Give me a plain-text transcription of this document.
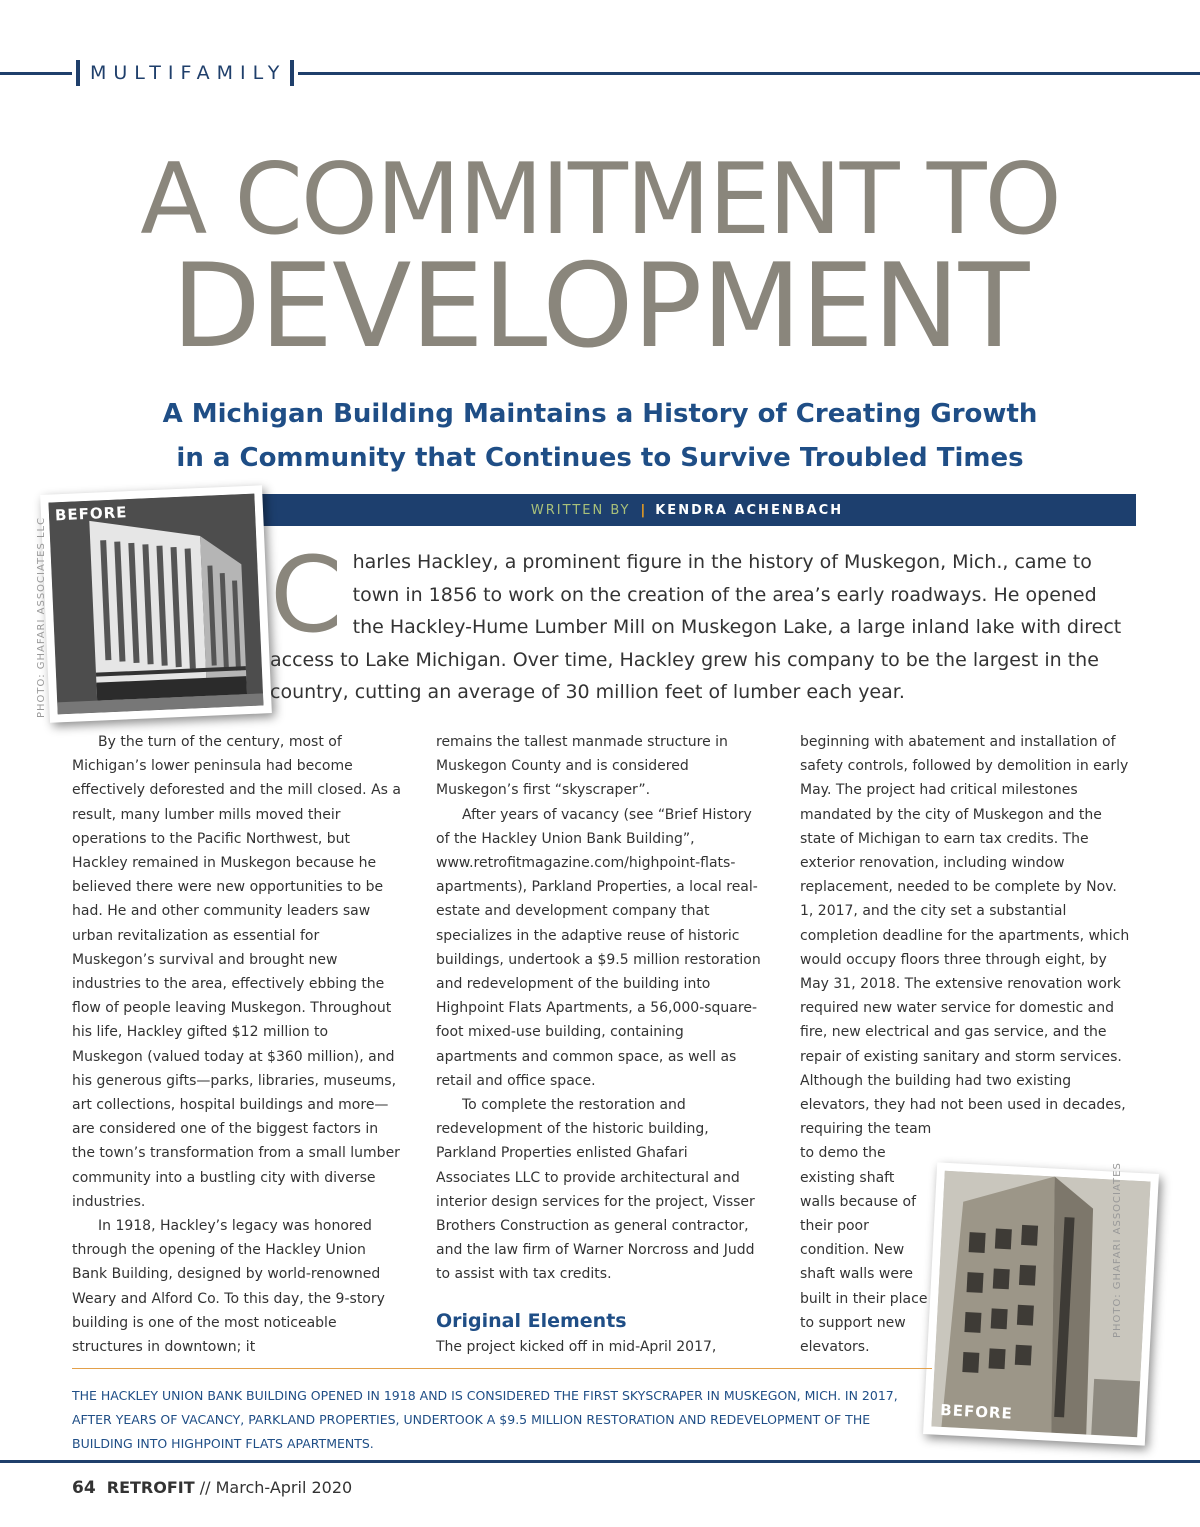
MULTIFAMILY
A COMMITMENT TO
DEVELOPMENT
A Michigan Building Maintains a History of Creating Growth
in a Community that Continues to Survive Troubled Times
WRITTEN BY | KENDRA ACHENBACH
BEFORE
PHOTO: GHAFARI ASSOCIATES LLC C harles Hackley, a prominent figure in the history of Muskegon, Mich., came to town in 1856 to work on the creation of the area’s early roadways. He opened the Hackley-Hume Lumber Mill on Muskegon Lake, a large inland lake with direct access to Lake Michigan. Over time, Hackley grew his company to be the largest in the country, cutting an average of 30 million feet of lumber each year.

By the turn of the century, most of Michigan’s lower peninsula had become effectively deforested and the mill closed. As a result, many lumber mills moved their operations to the Pacific Northwest, but Hackley remained in Muskegon because he believed there were new opportunities to be had. He and other community leaders saw urban revitalization as essential for Muskegon’s survival and brought new industries to the area, effectively ebbing the flow of people leaving Muskegon. Throughout his life, Hackley gifted $12 million to Muskegon (valued today at $360 million), and his generous gifts—parks, libraries, museums, art collections, hospital buildings and more—are considered one of the biggest factors in the town’s transformation from a small lumber community into a bustling city with diverse industries.

In 1918, Hackley’s legacy was honored through the opening of the Hackley Union Bank Building, designed by world-renowned Weary and Alford Co. To this day, the 9-story building is one of the most noticeable structures in downtown; it

remains the tallest manmade structure in Muskegon County and is considered Muskegon’s first “skyscraper”.

After years of vacancy (see “Brief History of the Hackley Union Bank Building”, www.retrofitmagazine.com/highpoint-flats-apartments), Parkland Properties, a local real-estate and development company that specializes in the adaptive reuse of historic buildings, undertook a $9.5 million restoration and redevelopment of the building into Highpoint Flats Apartments, a 56,000-square-foot mixed-use building, containing apartments and common space, as well as retail and office space.

To complete the restoration and redevelopment of the historic building, Parkland Properties enlisted Ghafari Associates LLC to provide architectural and interior design services for the project, Visser Brothers Construction as general contractor, and the law firm of Warner Norcross and Judd to assist with tax credits.

Original Elements

The project kicked off in mid-April 2017,

beginning with abatement and installation of safety controls, followed by demolition in early May. The project had critical milestones mandated by the city of Muskegon and the state of Michigan to earn tax credits. The exterior renovation, including window replacement, needed to be complete by Nov. 1, 2017, and the city set a substantial completion deadline for the apartments, which would occupy floors three through eight, by May 31, 2018. The extensive renovation work required new water service for domestic and fire, new electrical and gas service, and the repair of existing sanitary and storm services. Although the building had two existing elevators, they had not been used in decades, requiring the team

to demo the existing shaft walls because of their poor condition. New shaft walls were built in their place to support new elevators.

BEFORE
PHOTO: GHAFARI ASSOCIATES
THE HACKLEY UNION BANK BUILDING OPENED IN 1918 AND IS CONSIDERED THE FIRST SKYSCRAPER IN MUSKEGON, MICH. IN 2017, AFTER YEARS OF VACANCY, PARKLAND PROPERTIES, UNDERTOOK A $9.5 MILLION RESTORATION AND REDEVELOPMENT OF THE BUILDING INTO HIGHPOINT FLATS APARTMENTS.
64 RETROFIT // March-April 2020
